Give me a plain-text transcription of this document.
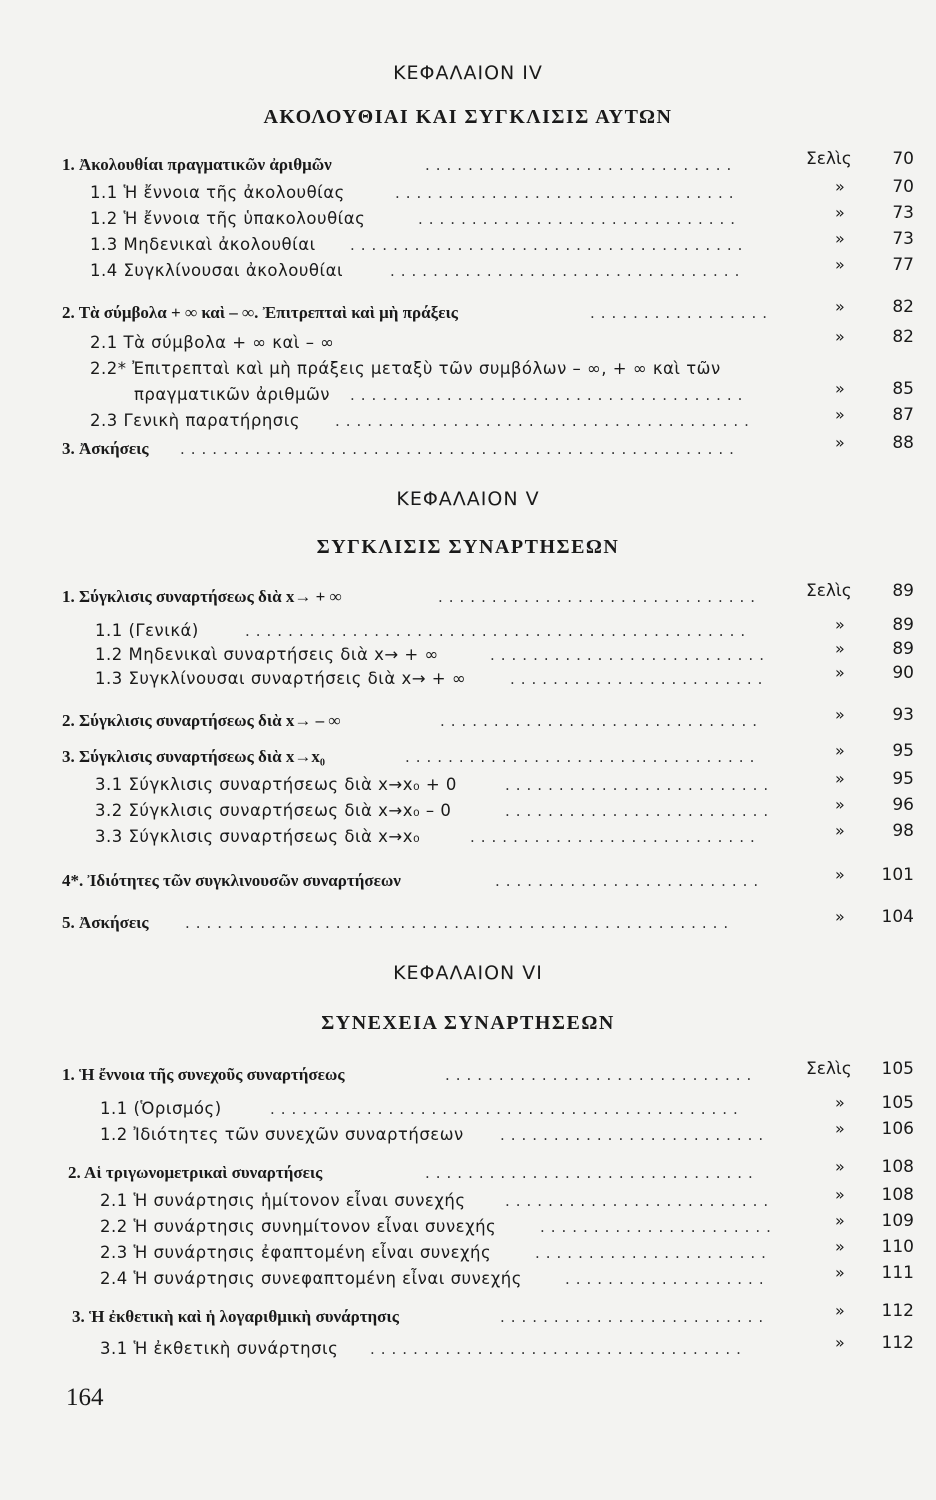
ΚΕΦΑΛΑΙΟΝ IV
ΑΚΟΛΟΥΘΙΑΙ ΚΑΙ ΣΥΓΚΛΙΣΙΣ ΑΥΤΩΝ
1. Ἀκολουθίαι πραγματικῶν ἀριθμῶν	.............................	Σελὶς	70
1.1 Ἡ ἔννοια τῆς ἀκολουθίας	................................	»	70
1.2 Ἡ ἔννοια τῆς ὑπακολουθίας	..............................	»	73
1.3 Μηδενικαὶ ἀκολουθίαι .....................................	»	73
1.4 Συγκλίνουσαι ἀκολουθίαι	.................................	»	77
2. Τὰ σύμβολα + ∞ καὶ – ∞. Ἐπιτρεπταὶ καὶ μὴ πράξεις	.................	»	82
2.1 Τὰ σύμβολα + ∞ καὶ – ∞	»	82
2.2* Ἐπιτρεπταὶ καὶ μὴ πράξεις μεταξὺ τῶν συμβόλων – ∞, + ∞ καὶ τῶν
πραγματικῶν ἀριθμῶν .....................................	»	85
2.3 Γενικὴ παρατήρησις .......................................	»	87
3. Ἀσκήσεις ....................................................	»	88
ΚΕΦΑΛΑΙΟΝ V
ΣΥΓΚΛΙΣΙΣ ΣΥΝΑΡΤΗΣΕΩΝ
1. Σύγκλισις συναρτήσεως διὰ x→ + ∞	..............................	Σελὶς	89
1.1 (Γενικά)	...............................................	»	89
1.2 Μηδενικαὶ συναρτήσεις διὰ x→ + ∞	..........................	»	89
1.3 Συγκλίνουσαι συναρτήσεις διὰ x→ + ∞	........................	»	90
2. Σύγκλισις συναρτήσεως διὰ x→ – ∞	..............................	»	93
3. Σύγκλισις συναρτήσεως διὰ x→x₀	.................................	»	95
3.1 Σύγκλισις συναρτήσεως διὰ x→x₀ + 0	.........................	»	95
3.2 Σύγκλισις συναρτήσεως διὰ x→x₀ – 0	.........................	»	96
3.3 Σύγκλισις συναρτήσεως διὰ x→x₀	...........................	»	98
4*. Ἰδιότητες τῶν συγκλινουσῶν συναρτήσεων	.........................	»	101
5. Ἀσκήσεις ...................................................	»	104
ΚΕΦΑΛΑΙΟΝ VI
ΣΥΝΕΧΕΙΑ ΣΥΝΑΡΤΗΣΕΩΝ
1. Ἡ ἔννοια τῆς συνεχοῦς συναρτήσεως	.............................	Σελὶς	105
1.1 (Ὁρισμός)	............................................	»	105
1.2 Ἰδιότητες τῶν συνεχῶν συναρτήσεων .........................	»	106
2. Αἱ τριγωνομετρικαὶ συναρτήσεις	...............................	»	108
2.1 Ἡ συνάρτησις ἡμίτονον εἶναι συνεχής	.........................	»	108
2.2 Ἡ συνάρτησις συνημίτονον εἶναι συνεχής	......................	»	109
2.3 Ἡ συνάρτησις ἐφαπτομένη εἶναι συνεχής	......................	»	110
2.4 Ἡ συνάρτησις συνεφαπτομένη εἶναι συνεχής	...................	»	111
3. Ἡ ἐκθετικὴ καὶ ἡ λογαριθμικὴ συνάρτησις	.........................	»	112
3.1 Ἡ ἐκθετικὴ συνάρτησις ...................................	»	112
164
